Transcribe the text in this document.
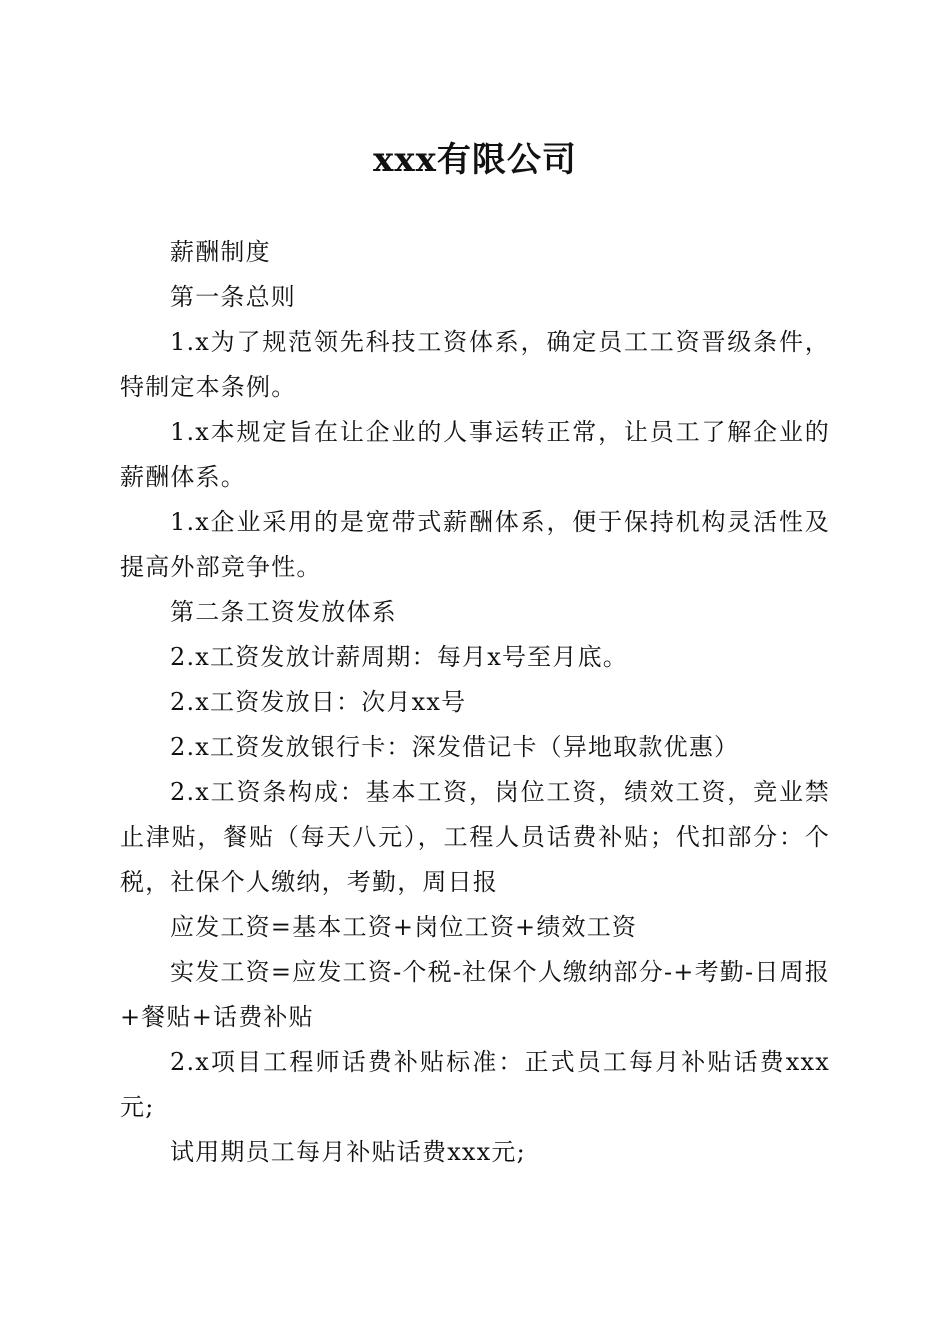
xxx有限公司

薪酬制度

第一条总则

1.x为了规范领先科技工资体系，确定员工工资晋级条件，特制定本条例。

1.x本规定旨在让企业的人事运转正常，让员工了解企业的薪酬体系。

1.x企业采用的是宽带式薪酬体系，便于保持机构灵活性及提高外部竞争性。

第二条工资发放体系

2.x工资发放计薪周期：每月x号至月底。

2.x工资发放日：次月xx号

2.x工资发放银行卡：深发借记卡（异地取款优惠）

2.x工资条构成：基本工资，岗位工资，绩效工资，竞业禁止津贴，餐贴（每天八元），工程人员话费补贴；代扣部分：个税，社保个人缴纳，考勤，周日报

应发工资=基本工资+岗位工资+绩效工资

实发工资=应发工资-个税-社保个人缴纳部分-+考勤-日周报+餐贴+话费补贴

2.x项目工程师话费补贴标准：正式员工每月补贴话费xxx元;

试用期员工每月补贴话费xxx元;
